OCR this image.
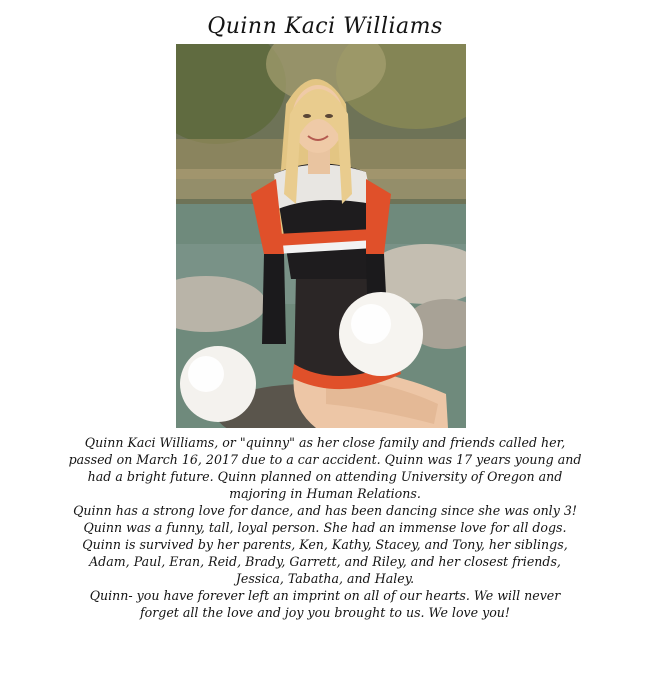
Quinn Kaci Williams
Quinn Kaci Williams, or "quinny" as her close family and friends called her,
passed on March 16, 2017 due to a car accident. Quinn was 17 years young and
had a bright future. Quinn planned on attending University of Oregon and
majoring in Human Relations.
Quinn has a strong love for dance, and has been dancing since she was only 3!
Quinn was a funny, tall, loyal person. She had an immense love for all dogs.
Quinn is survived by her parents, Ken, Kathy, Stacey, and Tony, her siblings,
Adam, Paul, Eran, Reid, Brady, Garrett, and Riley, and her closest friends,
Jessica, Tabatha, and Haley.
Quinn- you have forever left an imprint on all of our hearts. We will never
forget all the love and joy you brought to us. We love you!
